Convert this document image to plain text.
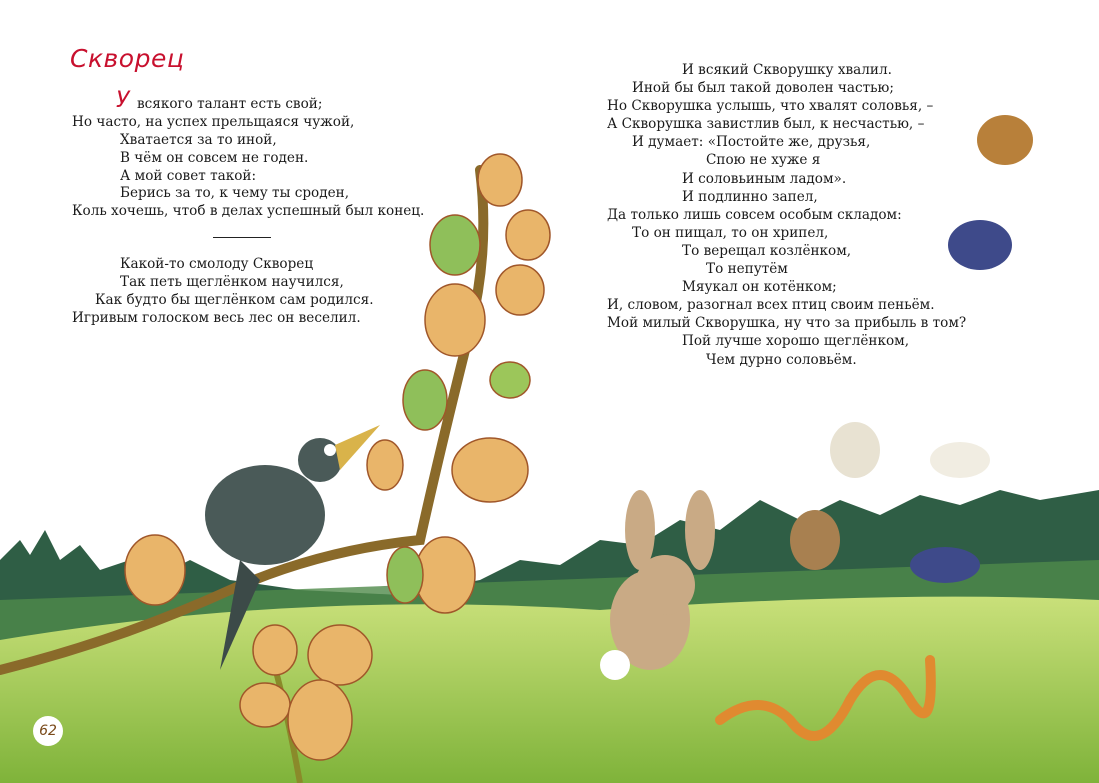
Скворец
У всякого талант есть свой;
Но часто, на успех прельщаяся чужой,
Хватается за то иной,
В чём он совсем не годен.
А мой совет такой:
Берись за то, к чему ты сроден,
Коль хочешь, чтоб в делах успешный был конец.
Какой-то смолоду Скворец
Так петь щеглёнком научился,
Как будто бы щеглёнком сам родился.
Игривым голоском весь лес он веселил.
И всякий Скворушку хвалил.
Иной бы был такой доволен частью;
Но Скворушка услышь, что хвалят соловья, –
А Скворушка завистлив был, к несчастью, –
И думает: «Постойте же, друзья,
Спою не хуже я
И соловьиным ладом».
И подлинно запел,
Да только лишь совсем особым складом:
То он пищал, то он хрипел,
То верещал козлёнком,
То непутём
Мяукал он котёнком;
И, словом, разогнал всех птиц своим пеньём.
Мой милый Скворушка, ну что за прибыль в том?
Пой лучше хорошо щеглёнком,
Чем дурно соловьём.
62
